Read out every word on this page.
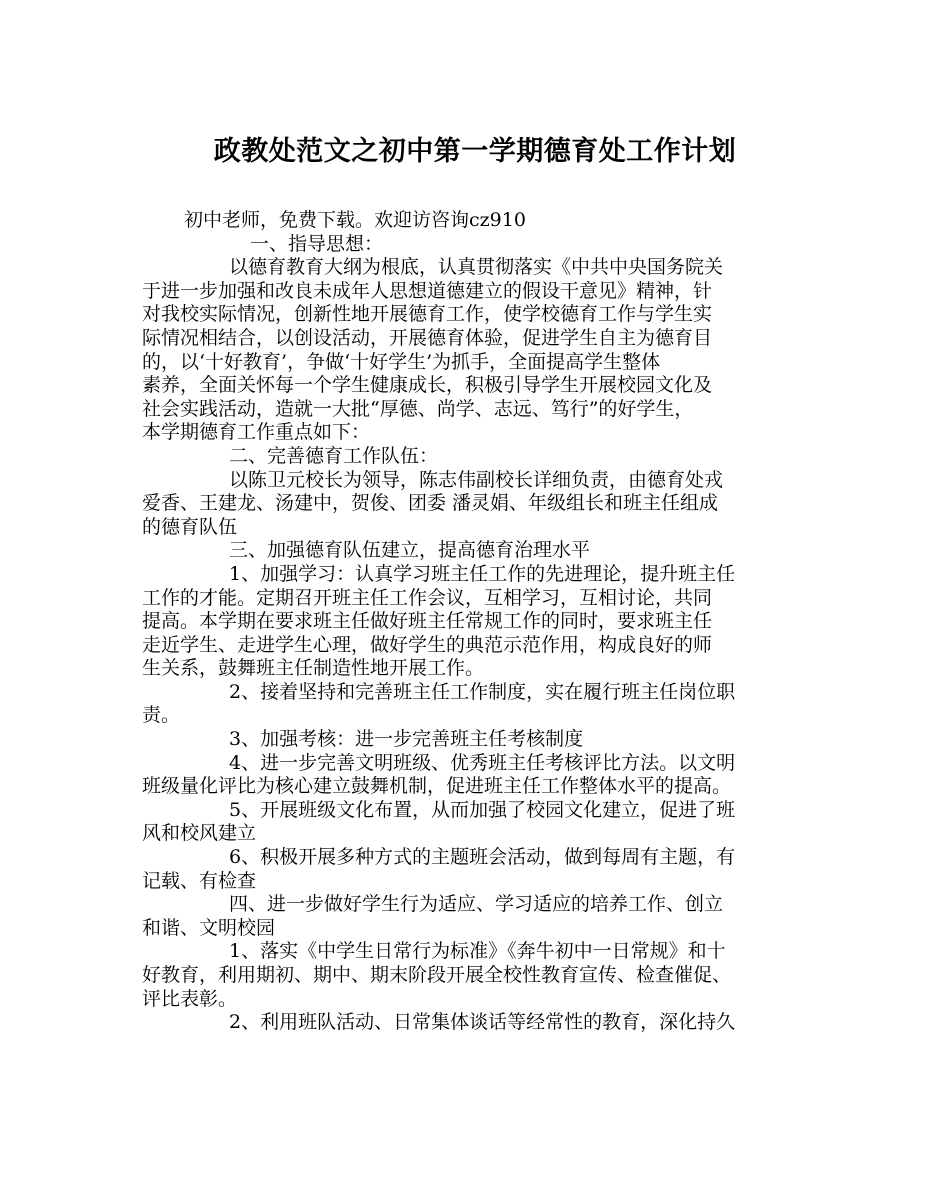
政教处范文之初中第一学期德育处工作计划
初中老师，免费下载。欢迎访咨询cz910
一、指导思想：
以德育教育大纲为根底，认真贯彻落实《中共中央国务院关
于进一步加强和改良未成年人思想道德建立的假设干意见》精神，针
对我校实际情况，创新性地开展德育工作，使学校德育工作与学生实
际情况相结合，以创设活动，开展德育体验，促进学生自主为德育目
的，以‘十好教育’，争做‘十好学生’为抓手，全面提高学生整体
素养，全面关怀每一个学生健康成长，积极引导学生开展校园文化及
社会实践活动，造就一大批“厚德、尚学、志远、笃行”的好学生，
本学期德育工作重点如下：
二、完善德育工作队伍：
以陈卫元校长为领导，陈志伟副校长详细负责，由德育处戎
爱香、王建龙、汤建中，贺俊、团委 潘灵娟、年级组长和班主任组成
的德育队伍
三、加强德育队伍建立，提高德育治理水平
1、加强学习：认真学习班主任工作的先进理论，提升班主任
工作的才能。定期召开班主任工作会议，互相学习，互相讨论，共同
提高。本学期在要求班主任做好班主任常规工作的同时，要求班主任
走近学生、走进学生心理，做好学生的典范示范作用，构成良好的师
生关系，鼓舞班主任制造性地开展工作。
2、接着坚持和完善班主任工作制度，实在履行班主任岗位职
责。
3、加强考核：进一步完善班主任考核制度
4、进一步完善文明班级、优秀班主任考核评比方法。以文明
班级量化评比为核心建立鼓舞机制，促进班主任工作整体水平的提高。
5、开展班级文化布置，从而加强了校园文化建立，促进了班
风和校风建立
6、积极开展多种方式的主题班会活动，做到每周有主题，有
记载、有检查
四、进一步做好学生行为适应、学习适应的培养工作、创立
和谐、文明校园
1、落实《中学生日常行为标准》《奔牛初中一日常规》和十
好教育，利用期初、期中、期末阶段开展全校性教育宣传、检查催促、
评比表彰。
2、利用班队活动、日常集体谈话等经常性的教育，深化持久
